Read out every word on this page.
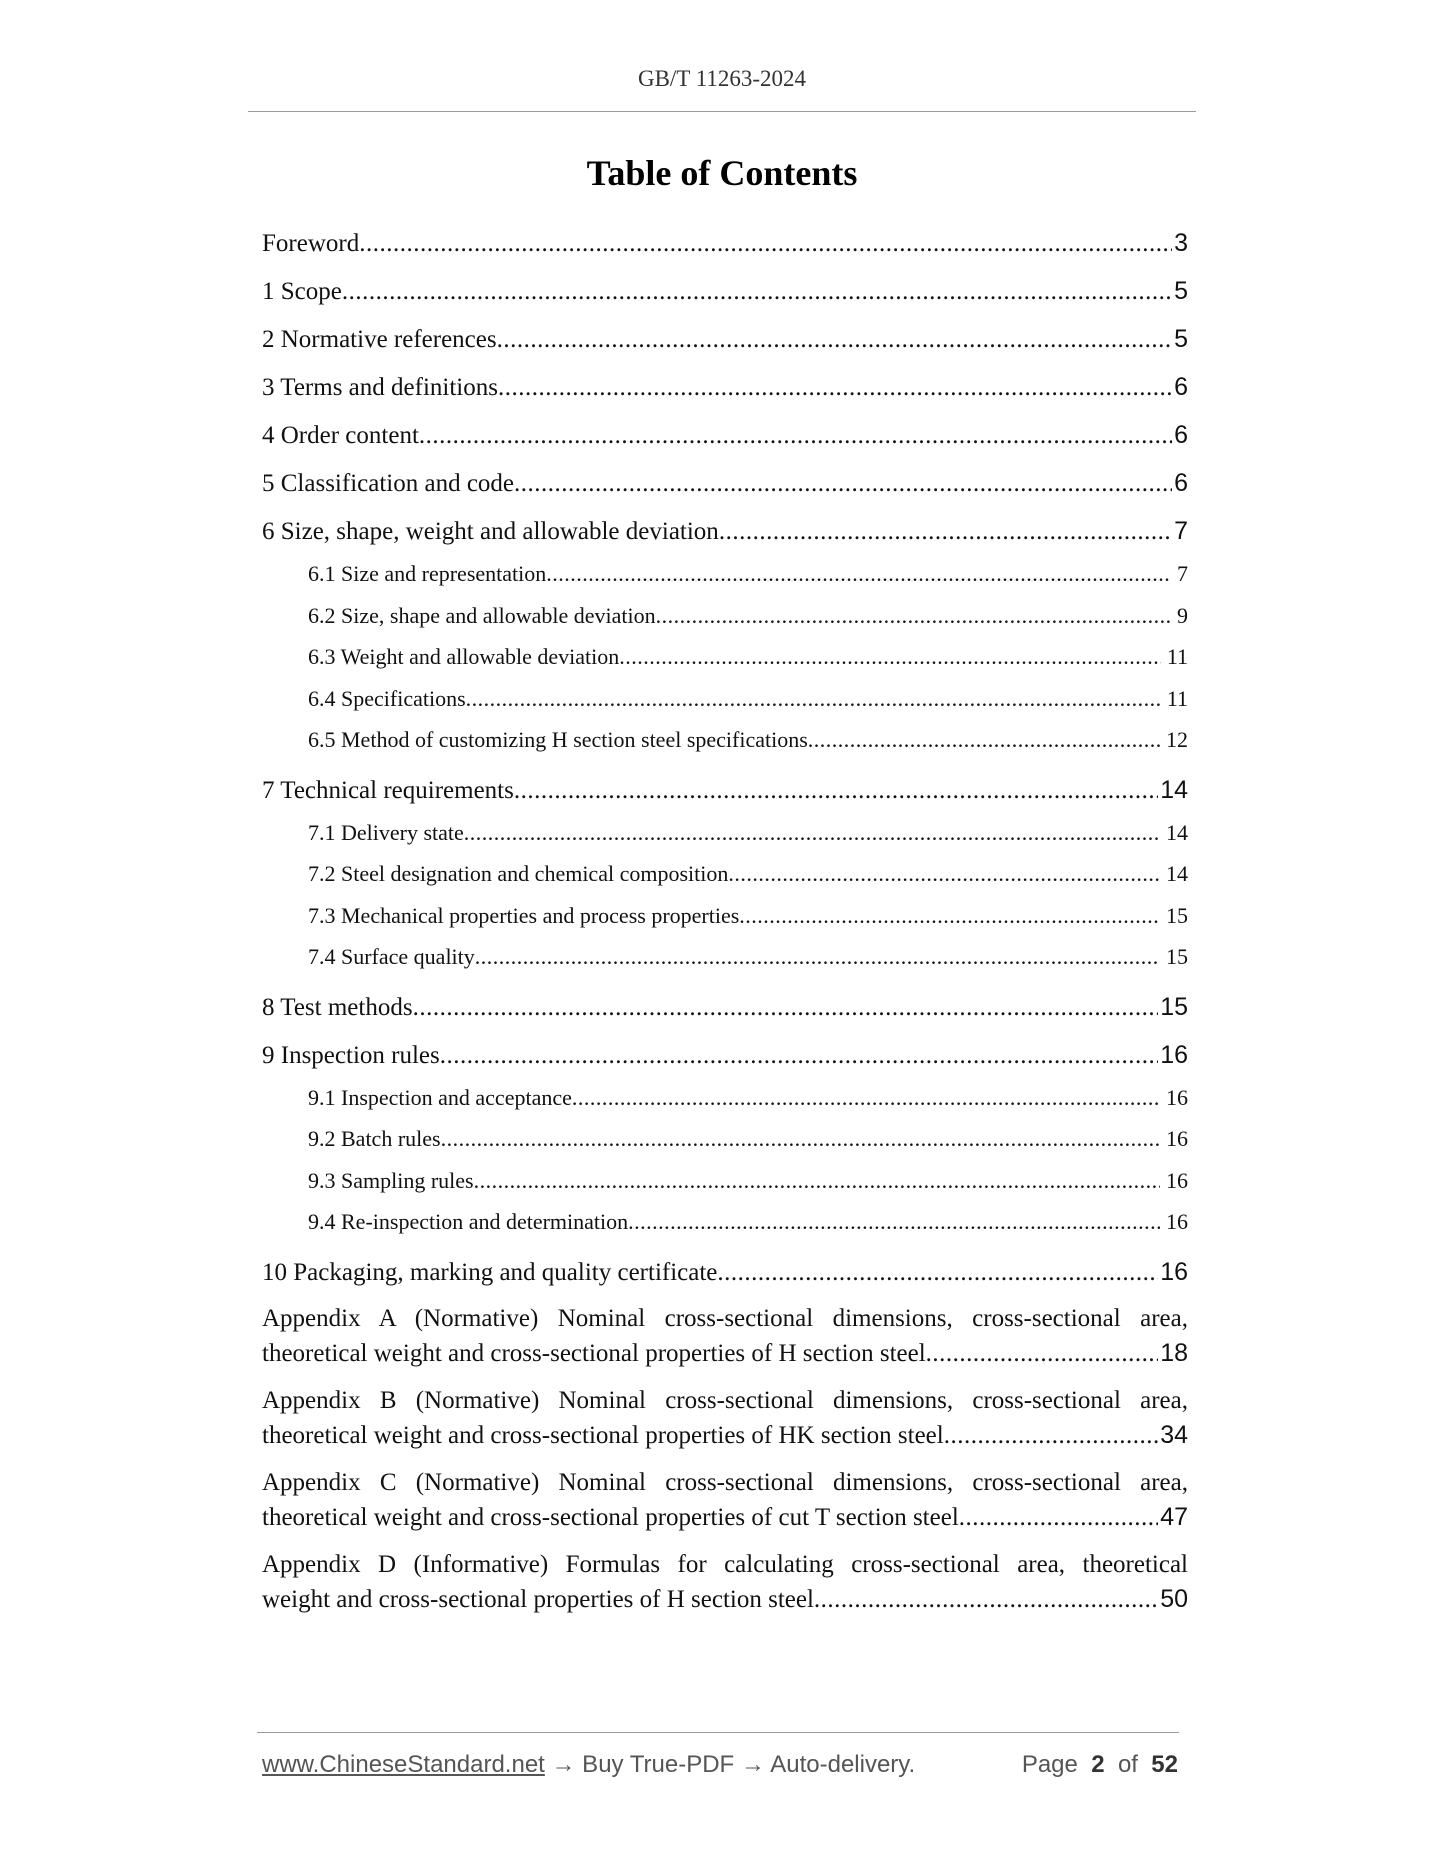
GB/T 11263-2024
Table of Contents
Foreword .....	3
1 Scope .....	5
2 Normative references .....	5
3 Terms and definitions .....	6
4 Order content .....	6
5 Classification and code .....	6
6 Size, shape, weight and allowable deviation .....	7
6.1 Size and representation .....	7
6.2 Size, shape and allowable deviation .....	9
6.3 Weight and allowable deviation .....	11
6.4 Specifications .....	11
6.5 Method of customizing H section steel specifications .....	12
7 Technical requirements .....	14
7.1 Delivery state .....	14
7.2 Steel designation and chemical composition .....	14
7.3 Mechanical properties and process properties .....	15
7.4 Surface quality .....	15
8 Test methods .....	15
9 Inspection rules .....	16
9.1 Inspection and acceptance .....	16
9.2 Batch rules .....	16
9.3 Sampling rules .....	16
9.4 Re-inspection and determination .....	16
10 Packaging, marking and quality certificate .....	16
Appendix A (Normative) Nominal cross-sectional dimensions, cross-sectional area,
theoretical weight and cross-sectional properties of H section steel .....	18
Appendix B (Normative) Nominal cross-sectional dimensions, cross-sectional area,
theoretical weight and cross-sectional properties of HK section steel .....	34
Appendix C (Normative) Nominal cross-sectional dimensions, cross-sectional area,
theoretical weight and cross-sectional properties of cut T section steel .....	47
Appendix D (Informative) Formulas for calculating cross-sectional area, theoretical
weight and cross-sectional properties of H section steel .....	50
www.ChineseStandard.net → Buy True-PDF → Auto-delivery.	Page 2 of 52
